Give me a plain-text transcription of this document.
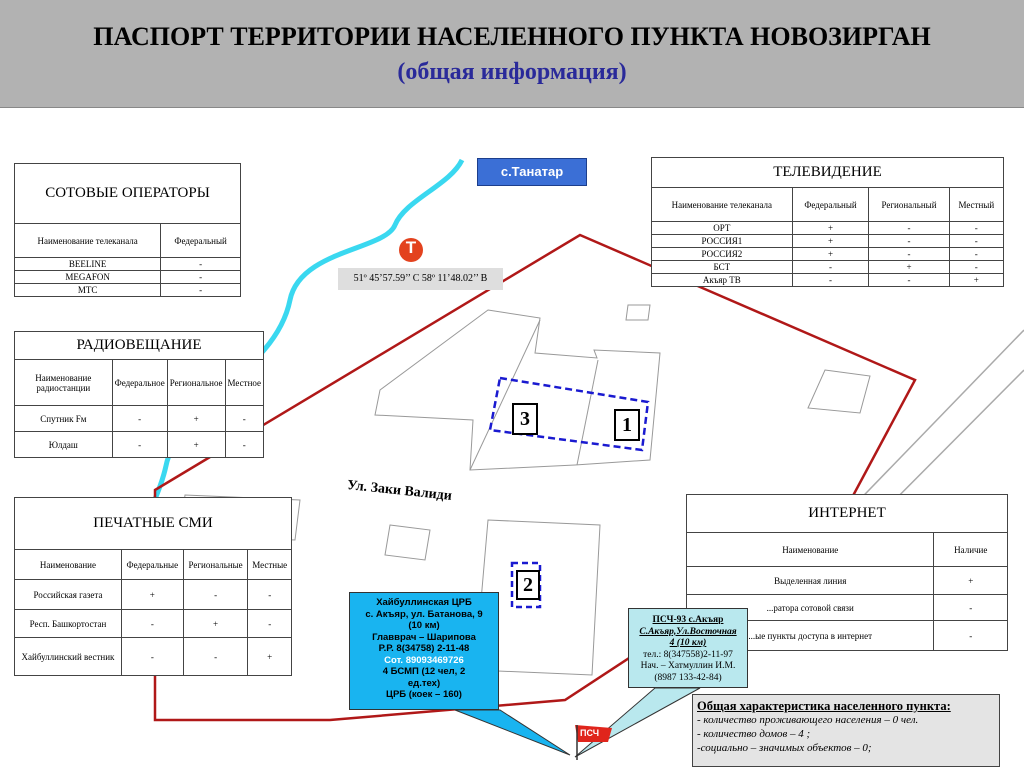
ПАСПОРТ ТЕРРИТОРИИ НАСЕЛЕННОГО ПУНКТА НОВОЗИРГАН
(общая информация)
Т
ПСЧ
с.Танатар
51º 45’57.59’’ С 58º 11’48.02’’ В
Ул. Заки Валиди
3	1
2
СОТОВЫЕ ОПЕРАТОРЫ	
Наименование телеканала	Федеральный
BEELINE	-
MEGAFON	-
МТС	-
РАДИОВЕЩАНИЕ			
Наименование радиостанции	Федеральное	Региональное	Местное
Спутник Fм	-	+	-
Юлдаш	-	+	-
ПЕЧАТНЫЕ СМИ			
Наименование	Федеральные	Региональные	Местные
Российская газета	+	-	-
Респ. Башкортостан	-	+	-
Хайбуллинский вестник	-	-	+
ТЕЛЕВИДЕНИЕ			
Наименование телеканала	Федеральный	Региональный	Местный
ОРТ	+	-	-
РОССИЯ1	+	-	-
РОССИЯ2	+	-	-
БСТ	-	+	-
Акъяр ТВ	-	-	+
ИНТЕРНЕТ	
Наименование	Наличие
Выделенная линия	+
...ратора сотовой связи	-
...ые пункты доступа в интернет	-
Хайбуллинская ЦРБ
с. Акъяр, ул. Батанова, 9
(10 км)
Главврач – Шарипова
Р.Р. 8(34758) 2-11-48
Сот. 89093469726
4 БСМП (12 чел, 2
ед.тех)
ЦРБ (коек – 160)
ПСЧ-93 с.Акъяр
С.Акъяр,Ул.Восточная
4 (10 км)
тел.: 8(347558)2-11-97
Нач. – Хатмуллин И.М.
(8987 133-42-84)
Общая характеристика населенного пункта:
- количество проживающего населения – 0 чел.
- количество домов – 4 ;
-социально – значимых объектов – 0;
